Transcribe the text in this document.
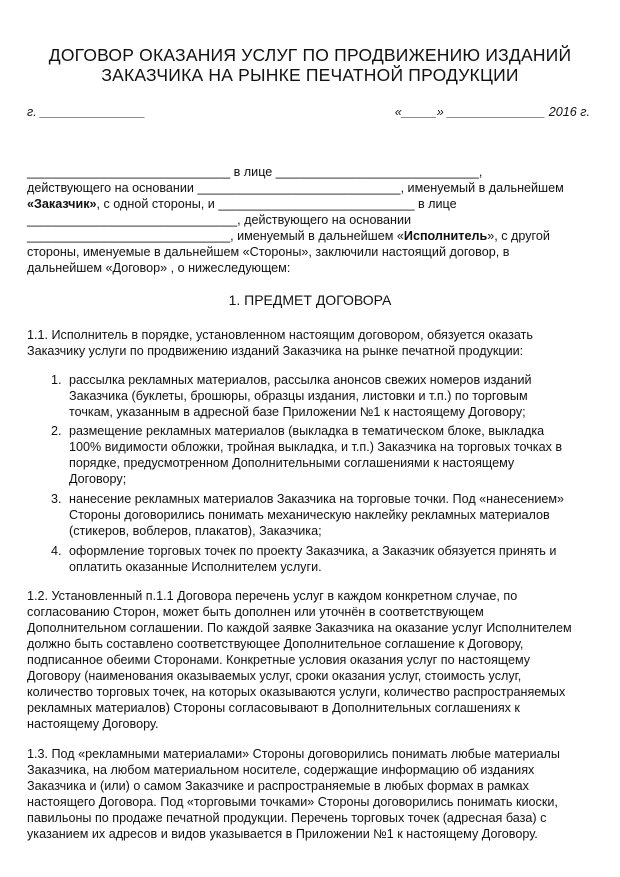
ДОГОВОР ОКАЗАНИЯ УСЛУГ ПО ПРОДВИЖЕНИЮ ИЗДАНИЙ
ЗАКАЗЧИКА НА РЫНКЕ ПЕЧАТНОЙ ПРОДУКЦИИ
г. _______________	«_____» ______________ 2016 г.
_____________________________ в лице _____________________________,
действующего на основании _____________________________, именуемый в дальнейшем
«Заказчик», с одной стороны, и ____________________________ в лице
______________________________, действующего на основании
_____________________________, именуемый в дальнейшем «Исполнитель», с другой
стороны, именуемые в дальнейшем «Стороны», заключили настоящий договор, в
дальнейшем «Договор» , о нижеследующем:
1. ПРЕДМЕТ ДОГОВОРА
1.1. Исполнитель в порядке, установленном настоящим договором, обязуется оказать
Заказчику услуги по продвижению изданий Заказчика на рынке печатной продукции:
1. рассылка рекламных материалов, рассылка анонсов свежих номеров изданий
Заказчика (буклеты, брошюры, образцы издания, листовки и т.п.) по торговым
точкам, указанным в адресной базе Приложении №1 к настоящему Договору;
2. размещение рекламных материалов (выкладка в тематическом блоке, выкладка
100% видимости обложки, тройная выкладка, и т.п.) Заказчика на торговых точках в
порядке, предусмотренном Дополнительными соглашениями к настоящему
Договору;
3. нанесение рекламных материалов Заказчика на торговые точки. Под «нанесением»
Стороны договорились понимать механическую наклейку рекламных материалов
(стикеров, воблеров, плакатов), Заказчика;
4. оформление торговых точек по проекту Заказчика, а Заказчик обязуется принять и
оплатить оказанные Исполнителем услуги.
1.2. Установленный п.1.1 Договора перечень услуг в каждом конкретном случае, по
согласованию Сторон, может быть дополнен или уточнён в соответствующем
Дополнительном соглашении. По каждой заявке Заказчика на оказание услуг Исполнителем
должно быть составлено соответствующее Дополнительное соглашение к Договору,
подписанное обеими Сторонами. Конкретные условия оказания услуг по настоящему
Договору (наименования оказываемых услуг, сроки оказания услуг, стоимость услуг,
количество торговых точек, на которых оказываются услуги, количество распространяемых
рекламных материалов) Стороны согласовывают в Дополнительных соглашениях к
настоящему Договору.
1.3. Под «рекламными материалами» Стороны договорились понимать любые материалы
Заказчика, на любом материальном носителе, содержащие информацию об изданиях
Заказчика и (или) о самом Заказчике и распространяемые в любых формах в рамках
настоящего Договора. Под «торговыми точками» Стороны договорились понимать киоски,
павильоны по продаже печатной продукции. Перечень торговых точек (адресная база) с
указанием их адресов и видов указывается в Приложении №1 к настоящему Договору.
